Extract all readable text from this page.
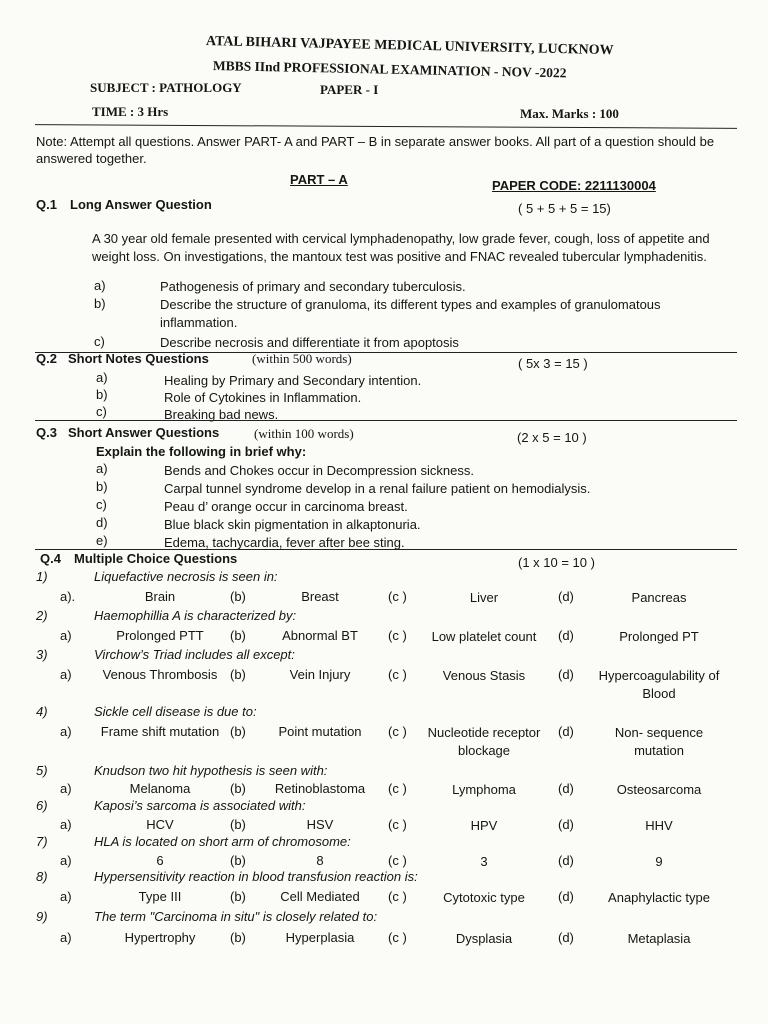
ATAL BIHARI VAJPAYEE MEDICAL UNIVERSITY, LUCKNOW
MBBS IInd PROFESSIONAL EXAMINATION - NOV -2022
SUBJECT : PATHOLOGY	PAPER - I
TIME : 3 Hrs	Max. Marks : 100
Note: Attempt all questions. Answer PART- A and PART – B in separate answer books. All part of a question should be answered together.
PART – A	PAPER CODE: 2211130004
Q.1 Long Answer Question	( 5 + 5 + 5 = 15)
A 30 year old female presented with cervical lymphadenopathy, low grade fever, cough, loss of appetite and weight loss. On investigations, the mantoux test was positive and FNAC revealed tubercular lymphadenitis.
a)	Pathogenesis of primary and secondary tuberculosis.
b)	Describe the structure of granuloma, its different types and examples of granulomatous inflammation.
c)	Describe necrosis and differentiate it from apoptosis
Q.2 Short Notes Questions	(within 500 words)	( 5x 3 = 15 )
a)	Healing by Primary and Secondary intention.
b)	Role of Cytokines in Inflammation.
c)	Breaking bad news.
Q.3 Short Answer Questions	(within 100 words)	(2 x 5 = 10 )
Explain the following in brief why:
a)	Bends and Chokes occur in Decompression sickness.
b)	Carpal tunnel syndrome develop in a renal failure patient on hemodialysis.
c)	Peau d’ orange occur in carcinoma breast.
d)	Blue black skin pigmentation in alkaptonuria.
e)	Edema, tachycardia, fever after bee sting.
Q.4 Multiple Choice Questions	(1 x 10 = 10 )
1)	Liquefactive necrosis is seen in:
a).	Brain	(b)	Breast	(c )	Liver	(d)	Pancreas
2)	Haemophillia A is characterized by:
a)	Prolonged PTT	(b)	Abnormal BT	(c )	Low platelet count	(d)	Prolonged PT
3)	Virchow’s Triad includes all except:
a)	Venous Thrombosis (b)	Vein Injury	(c )	Venous Stasis	(d)	Hypercoagulability of Blood
4)	Sickle cell disease is due to:
a)	Frame shift mutation (b)	Point mutation	(c )	Nucleotide receptor blockage
(d)	Non- sequence mutation
5)	Knudson two hit hypothesis is seen with:
a)	Melanoma	(b)	Retinoblastoma	(c )	Lymphoma	(d)	Osteosarcoma
6)	Kaposi’s sarcoma is associated with:
a)	HCV	(b)	HSV	(c )	HPV	(d)	HHV
7)	HLA is located on short arm of chromosome:
a)	6	(b)	8	(c )	3	(d)	9
8)	Hypersensitivity reaction in blood transfusion reaction is:
a)	Type III	(b)	Cell Mediated	(c )	Cytotoxic type	(d)	Anaphylactic type
9)	The term "Carcinoma in situ" is closely related to:
a)	Hypertrophy	(b)	Hyperplasia	(c )	Dysplasia	(d)	Metaplasia
